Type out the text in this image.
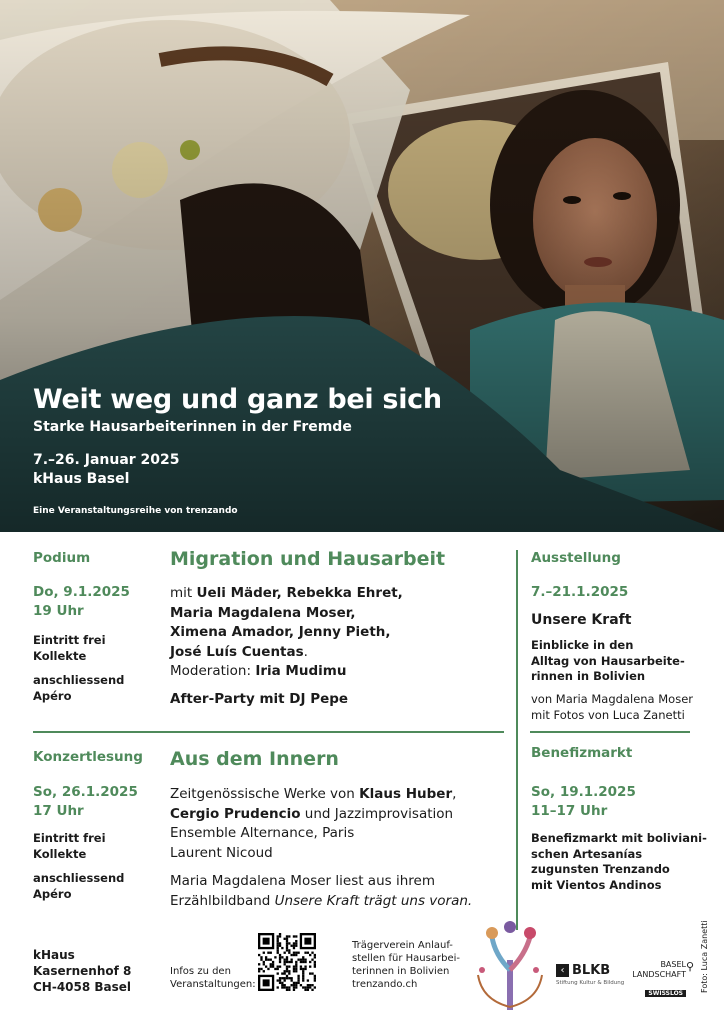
Weit weg und ganz bei sich
Starke Hausarbeiterinnen in der Fremde
7.–26. Januar 2025
kHaus Basel
Eine Veranstaltungsreihe von trenzando
Podium
Do, 9.1.2025
19 Uhr
Eintritt frei
Kollekte
anschliessend
Apéro
Migration und Hausarbeit
mit Ueli Mäder, Rebekka Ehret,
Maria Magdalena Moser,
Ximena Amador, Jenny Pieth,
José Luís Cuentas.
Moderation: Iria Mudimu
After-Party mit DJ Pepe
Konzertlesung
So, 26.1.2025
17 Uhr
Eintritt frei
Kollekte
anschliessend
Apéro
Aus dem Innern
Zeitgenössische Werke von Klaus Huber,
Cergio Prudencio und Jazzimprovisation
Ensemble Alternance, Paris
Laurent Nicoud
Maria Magdalena Moser liest aus ihrem
Erzählbildband Unsere Kraft trägt uns voran.
Ausstellung
7.–21.1.2025
Unsere Kraft
Einblicke in den
Alltag von Hausarbeite-
rinnen in Bolivien
von Maria Magdalena Moser
mit Fotos von Luca Zanetti
Benefizmarkt
So, 19.1.2025
11–17 Uhr
Benefizmarkt mit boliviani-
schen Artesanías
zugunsten Trenzando
mit Vientos Andinos
kHaus
Kasernenhof 8
CH-4058 Basel
Infos zu den
Veranstaltungen:
Trägerverein Anlauf-
stellen für Hausarbei-
terinnen in Bolivien
trenzando.ch
‹ BLKB
Stiftung Kultur & Bildung
BASEL
LANDSCHAFT
SWISSLOS
⚲ Foto: Luca Zanetti
